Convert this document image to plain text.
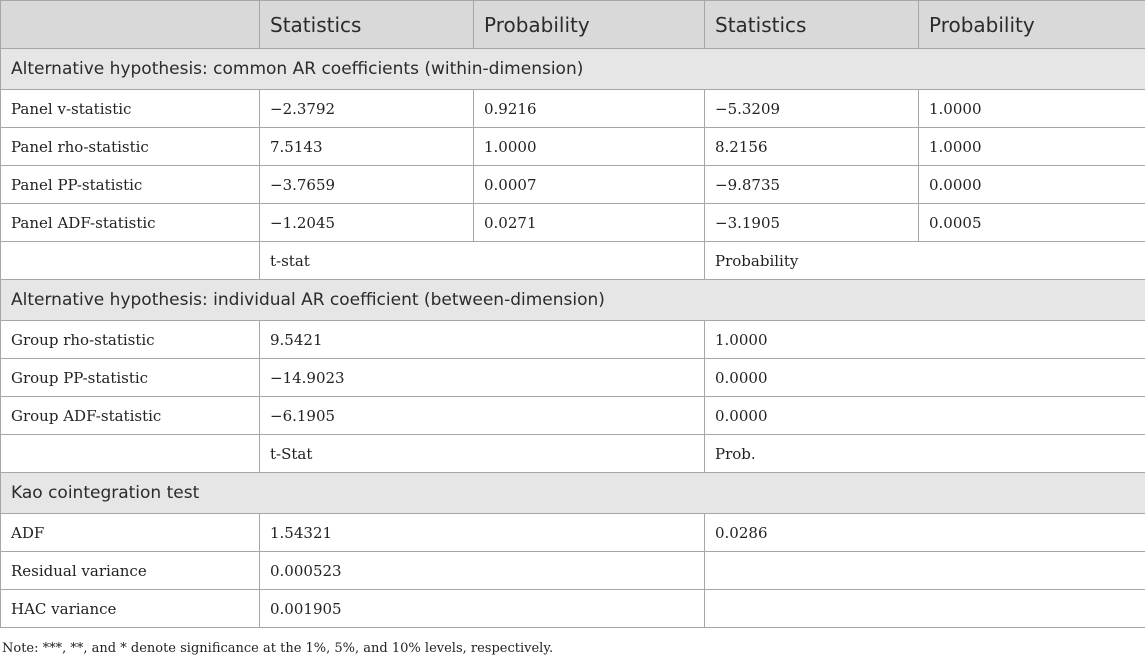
	Statistics	Probability	Statistics	Probability
Alternative hypothesis: common AR coefficients (within-dimension)				
Panel v-statistic	−2.3792	0.9216	−5.3209	1.0000
Panel rho-statistic	7.5143	1.0000	8.2156	1.0000
Panel PP-statistic	−3.7659	0.0007	−9.8735	0.0000
Panel ADF-statistic	−1.2045	0.0271	−3.1905	0.0005
	t-stat		Probability	
Alternative hypothesis: individual AR coefficient (between-dimension)				
Group rho-statistic	9.5421		1.0000	
Group PP-statistic	−14.9023		0.0000	
Group ADF-statistic	−6.1905		0.0000	
	t-Stat		Prob.	
Kao cointegration test				
ADF	1.54321		0.0286	
Residual variance	0.000523			
HAC variance	0.001905			
Note: ***, **, and * denote significance at the 1%, 5%, and 10% levels, respectively.
